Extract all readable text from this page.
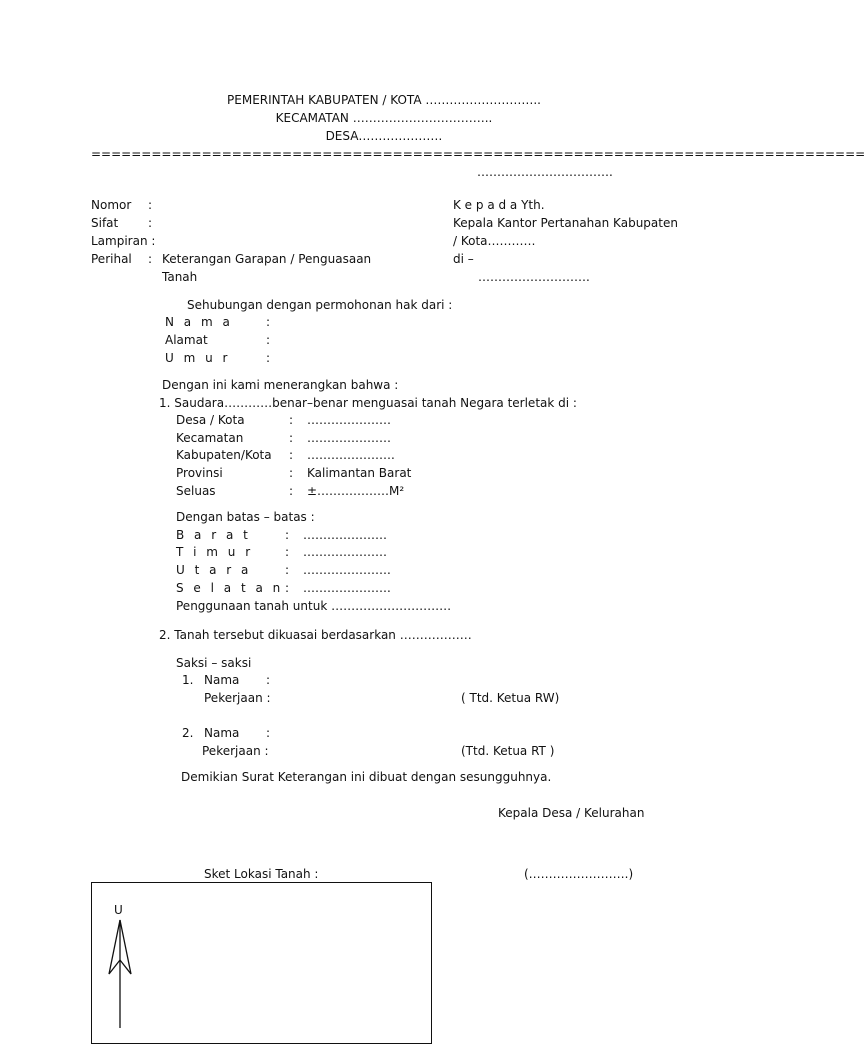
PEMERINTAH KABUPATEN / KOTA ………………………..
KECAMATAN ……………………………..
DESA…………………
=============================================================================
…………………………….
Nomor :
Sifat :
Lampiran :
Perihal : Keterangan Garapan / Penguasaan
Tanah
K e p a d a Yth.
Kepala Kantor Pertanahan Kabupaten
/ Kota…………
di –
……………………….
Sehubungan dengan permohonan hak dari :
N a m a	:
Alamat	:
U m u r	:
Dengan ini kami menerangkan bahwa :
1. Saudara…………benar–benar menguasai tanah Negara terletak di :
Desa / Kota	: …………………
Kecamatan	: …………………
Kabupaten/Kota : ………………….
Provinsi	: Kalimantan Barat
Seluas	: ±………………M²
Dengan batas – batas :
B a r a t	: …………………
T i m u r	: …………………
U t a r a	: ………………….
S e l a t a n : ………………….
Penggunaan tanah untuk …………………………
2. Tanah tersebut dikuasai berdasarkan ………………
Saksi – saksi
1. Nama :
Pekerjaan :	( Ttd. Ketua RW)
2. Nama :
Pekerjaan :	(Ttd. Ketua RT )
Demikian Surat Keterangan ini dibuat dengan sesungguhnya.
Kepala Desa / Kelurahan
(…………………….)
Sket Lokasi Tanah :
U
